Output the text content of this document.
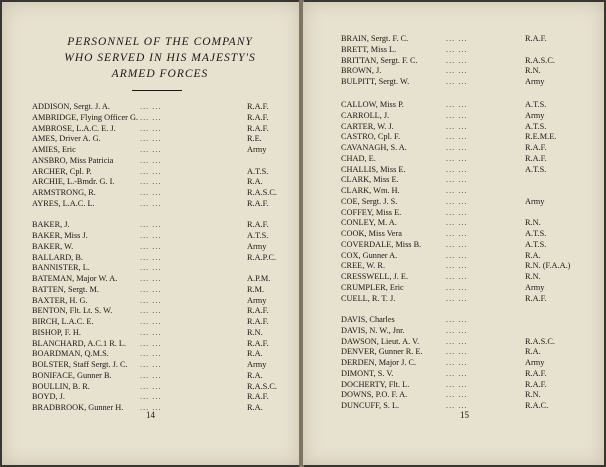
PERSONNEL OF THE COMPANY
WHO SERVED IN HIS MAJESTY'S
ARMED FORCES
ADDISON, Sergt. J. A.	... ...	R.A.F.
AMBRIDGE, Flying Officer G. ... ...	R.A.F.
AMBROSE, L.A.C. E. J.	... ...	R.A.F.
AMES, Driver A. G.	... ...	R.E.
AMIES, Eric	... ...	Army
ANSBRO, Miss Patricia	... ...
ARCHER, Cpl. P.	... ...	A.T.S.
ARCHIE, L.-Bmdr. G. I.	... ...	R.A.
ARMSTRONG, R.	... ...	R.A.S.C.
AYRES, L.A.C. L.	... ...	R.A.F.
BAKER, J.	... ...	R.A.F.
BAKER, Miss J.	... ...	A.T.S.
BAKER, W.	... ...	Army
BALLARD, B.	... ...	R.A.P.C.
BANNISTER, L.	... ...
BATEMAN, Major W. A.	... ...	A.P.M.
BATTEN, Sergt. M.	... ...	R.M.
BAXTER, H. G.	... ...	Army
BENTON, Flt. Lt. S. W.	... ...	R.A.F.
BIRCH, L.A.C. E.	... ...	R.A.F.
BISHOP, F. H.	... ...	R.N.
BLANCHARD, A.C.1 R. L. ... ...	R.A.F.
BOARDMAN, Q.M.S.	... ...	R.A.
BOLSTER, Staff Sergt. J. C. ... ...	Army
BONIFACE, Gunner B.	... ...	R.A.
BOULLIN, B. R.	... ...	R.A.S.C.
BOYD, J.	... ...	R.A.F.
BRADBROOK, Gunner H. ... ...	R.A.
BRAIN, Sergt. F. C.	... ...	R.A.F.
BRETT, Miss L.	... ...
BRITTAN, Sergt. F. C.	... ...	R.A.S.C.
BROWN, J.	... ...	R.N.
BULPITT, Sergt. W.	... ...	Army
CALLOW, Miss P.	... ...	A.T.S.
CARROLL, J.	... ...	Army
CARTER, W. J.	... ...	A.T.S.
CASTRO, Cpl. F.	... ...	R.E.M.E.
CAVANAGH, S. A.	... ...	R.A.F.
CHAD, E.	... ...	R.A.F.
CHALLIS, Miss E.	... ...	A.T.S.
CLARK, Miss E.	... ...
CLARK, Wm. H.	... ...
COE, Sergt. J. S.	... ...	Army
COFFEY, Miss E.	... ...
CONLEY, M. A.	... ...	R.N.
COOK, Miss Vera	... ...	A.T.S.
COVERDALE, Miss B.	... ...	A.T.S.
COX, Gunner A.	... ...	R.A.
CREE, W. R.	... ...	R.N. (F.A.A.)
CRESSWELL, J. E.	... ...	R.N.
CRUMPLER, Eric	... ...	Army
CUELL, R. T. J.	... ...	R.A.F.
DAVIS, Charles	... ...
DAVIS, N. W., Jnr.	... ...
DAWSON, Lieut. A. V.	... ...	R.A.S.C.
DENVER, Gunner R. E.	... ...	R.A.
DERDEN, Major J. C.	... ...	Army
DIMONT, S. V.	... ...	R.A.F.
DOCHERTY, Flt. L.	... ...	R.A.F.
DOWNS, P.O. F. A.	... ...	R.N.
DUNCUFF, S. L.	... ...	R.A.C.
14	15
